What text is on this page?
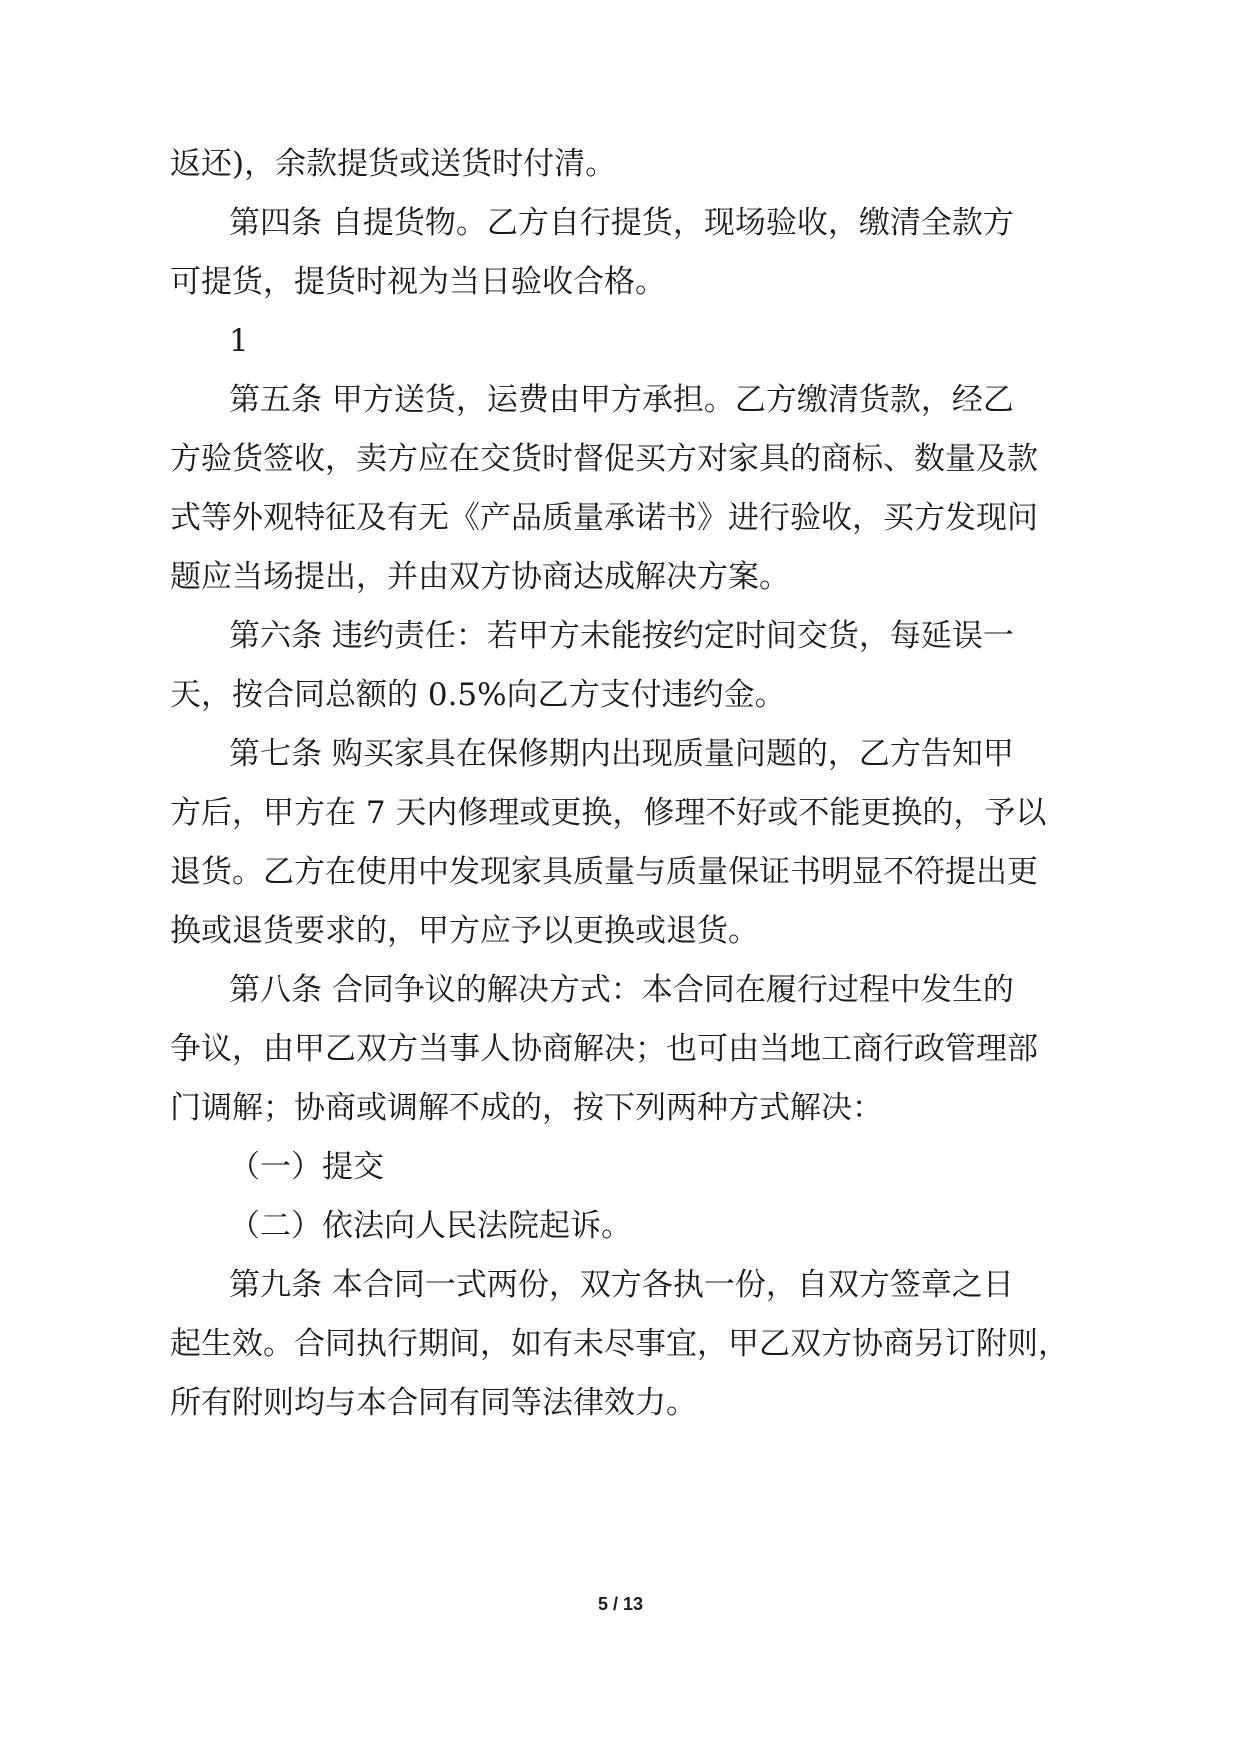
返还)，余款提货或送货时付清。
第四条 自提货物。乙方自行提货，现场验收，缴清全款方
可提货，提货时视为当日验收合格。
1
第五条 甲方送货，运费由甲方承担。乙方缴清货款，经乙
方验货签收，卖方应在交货时督促买方对家具的商标、数量及款
式等外观特征及有无《产品质量承诺书》进行验收，买方发现问
题应当场提出，并由双方协商达成解决方案。
第六条 违约责任：若甲方未能按约定时间交货，每延误一
天，按合同总额的 0.5%向乙方支付违约金。
第七条 购买家具在保修期内出现质量问题的，乙方告知甲
方后，甲方在 7 天内修理或更换，修理不好或不能更换的，予以
退货。乙方在使用中发现家具质量与质量保证书明显不符提出更
换或退货要求的，甲方应予以更换或退货。
第八条 合同争议的解决方式：本合同在履行过程中发生的
争议，由甲乙双方当事人协商解决；也可由当地工商行政管理部
门调解；协商或调解不成的，按下列两种方式解决：
（一）提交
（二）依法向人民法院起诉。
第九条 本合同一式两份，双方各执一份，自双方签章之日
起生效。合同执行期间，如有未尽事宜，甲乙双方协商另订附则，
所有附则均与本合同有同等法律效力。
5 / 13
